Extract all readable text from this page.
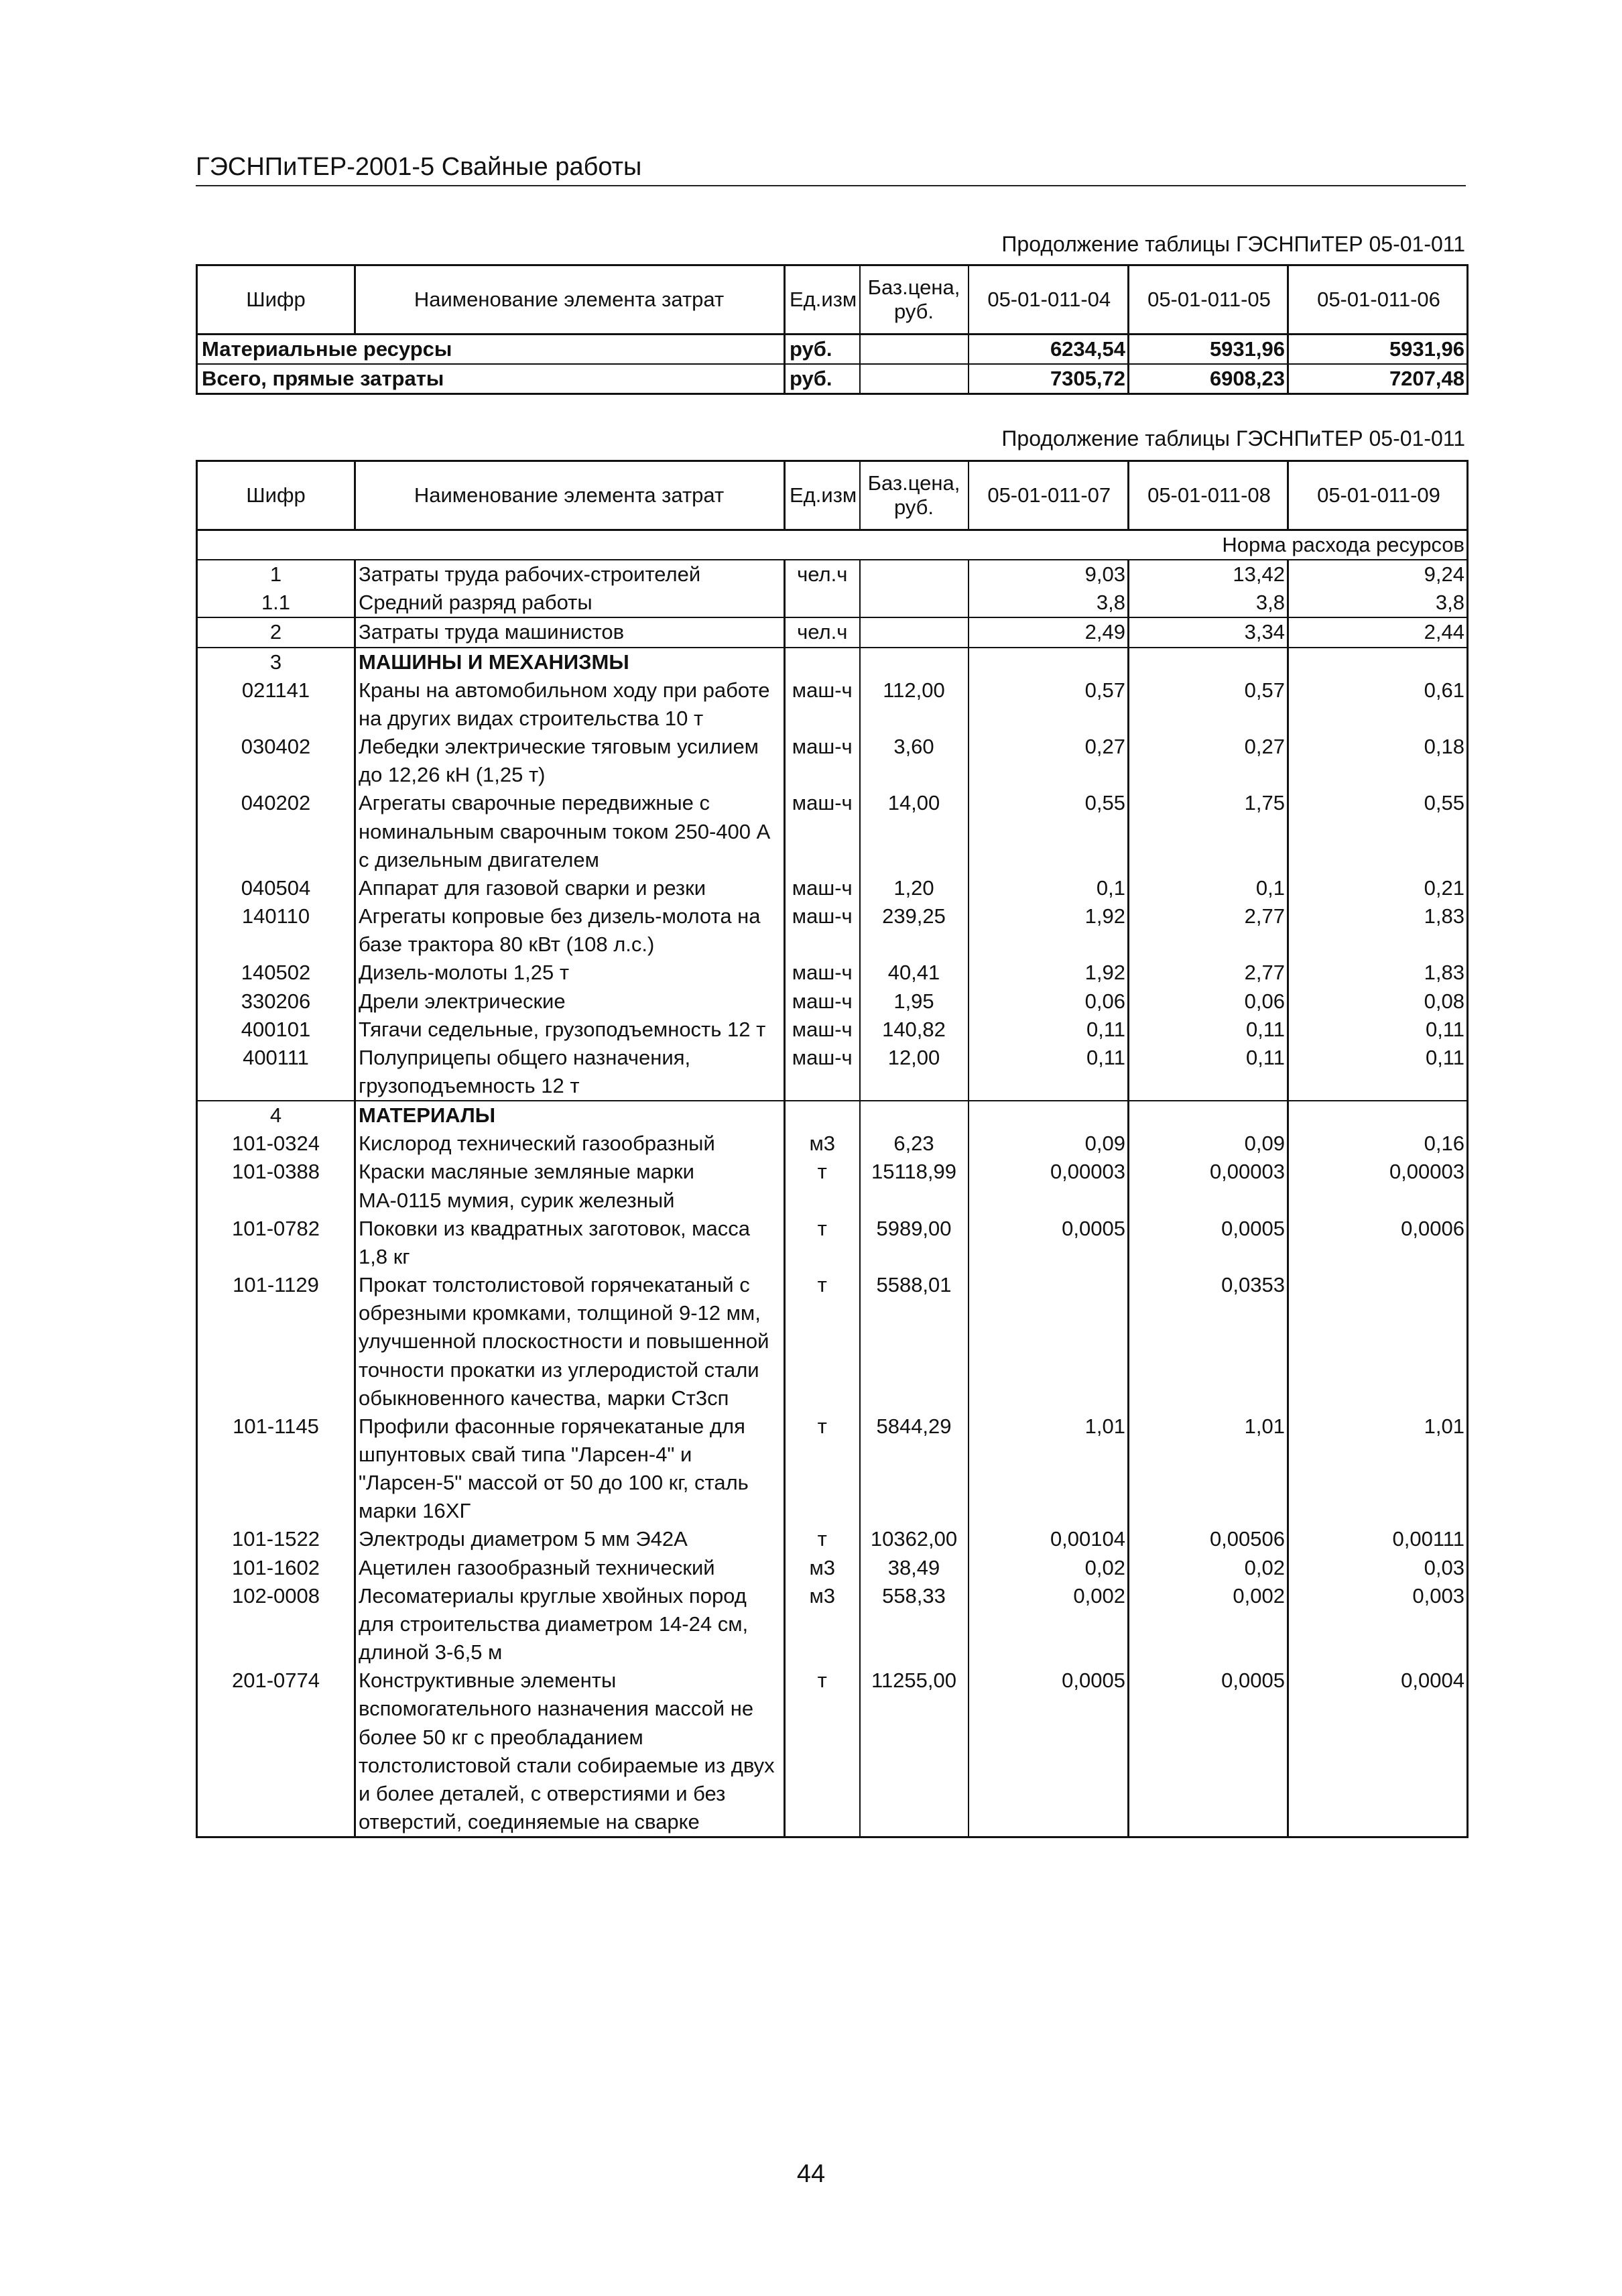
ГЭСНПиТЕР-2001-5 Свайные работы
Продолжение таблицы ГЭСНПиТЕР 05-01-011
Шифр	Наименование элемента затрат	Ед.изм	Баз.цена, руб.	05-01-011-04	05-01-011-05	05-01-011-06
Материальные ресурсы		руб.		6234,54	5931,96	5931,96
Всего, прямые затраты		руб.		7305,72	6908,23	7207,48
Продолжение таблицы ГЭСНПиТЕР 05-01-011
Шифр	Наименование элемента затрат	Ед.изм	Баз.цена, руб.	05-01-011-07	05-01-011-08	05-01-011-09
Норма расхода ресурсов						
1	Затраты труда рабочих-строителей	чел.ч		9,03	13,42	9,24
1.1	Средний разряд работы			3,8	3,8	3,8
2	Затраты труда машинистов	чел.ч		2,49	3,34	2,44
3	МАШИНЫ И МЕХАНИЗМЫ					
021141	Краны на автомобильном ходу при работе на других видах строительства 10 т	маш-ч	112,00	0,57	0,57	0,61
030402	Лебедки электрические тяговым усилием до 12,26 кН (1,25 т)	маш-ч	3,60	0,27	0,27	0,18
040202	Агрегаты сварочные передвижные с номинальным сварочным током 250-400 А с дизельным двигателем	маш-ч	14,00	0,55	1,75	0,55
040504	Аппарат для газовой сварки и резки	маш-ч	1,20	0,1	0,1	0,21
140110	Агрегаты копровые без дизель-молота на базе трактора 80 кВт (108 л.с.)	маш-ч	239,25	1,92	2,77	1,83
140502	Дизель-молоты 1,25 т	маш-ч	40,41	1,92	2,77	1,83
330206	Дрели электрические	маш-ч	1,95	0,06	0,06	0,08
400101	Тягачи седельные, грузоподъемность 12 т	маш-ч	140,82	0,11	0,11	0,11
400111	Полуприцепы общего назначения, грузоподъемность 12 т	маш-ч	12,00	0,11	0,11	0,11
4	МАТЕРИАЛЫ					
101-0324	Кислород технический газообразный	м3	6,23	0,09	0,09	0,16
101-0388	Краски масляные земляные марки МА-0115 мумия, сурик железный	т	15118,99	0,00003	0,00003	0,00003
101-0782	Поковки из квадратных заготовок, масса 1,8 кг	т	5989,00	0,0005	0,0005	0,0006
101-1129	Прокат толстолистовой горячекатаный с обрезными кромками, толщиной 9-12 мм, улучшенной плоскостности и повышенной точности прокатки из углеродистой стали обыкновенного качества, марки Ст3сп	т	5588,01		0,0353	
101-1145	Профили фасонные горячекатаные для шпунтовых свай типа "Ларсен-4" и "Ларсен-5" массой от 50 до 100 кг, сталь марки 16ХГ	т	5844,29	1,01	1,01	1,01
101-1522	Электроды диаметром 5 мм Э42А	т	10362,00	0,00104	0,00506	0,00111
101-1602	Ацетилен газообразный технический	м3	38,49	0,02	0,02	0,03
102-0008	Лесоматериалы круглые хвойных пород для строительства диаметром 14-24 см, длиной 3-6,5 м	м3	558,33	0,002	0,002	0,003
201-0774	Конструктивные элементы вспомогательного назначения массой не более 50 кг с преобладанием толстолистовой стали собираемые из двух и более деталей, с отверстиями и без отверстий, соединяемые на сварке	т	11255,00	0,0005	0,0005	0,0004
44
